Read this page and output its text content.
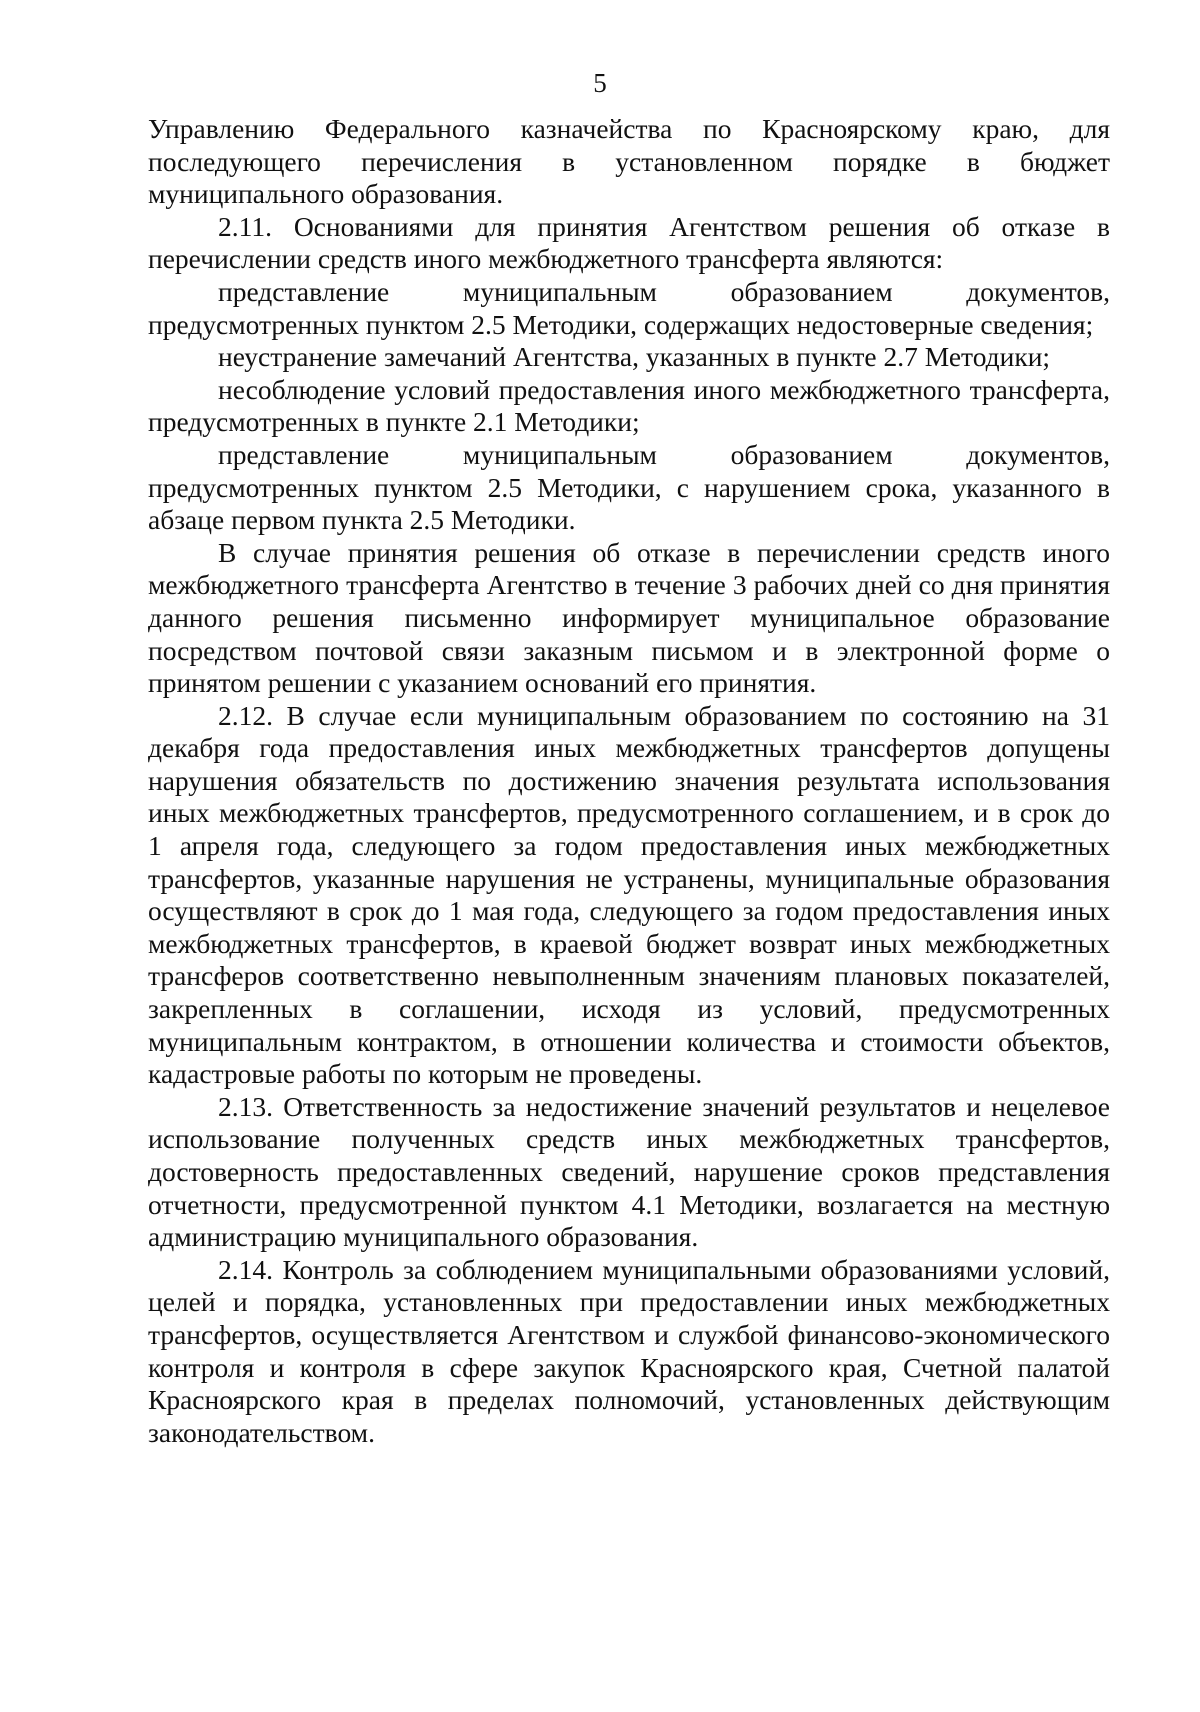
5

Управлению Федерального казначейства по Красноярскому краю, для последующего перечисления в установленном порядке в бюджет муниципального образования.

2.11. Основаниями для принятия Агентством решения об отказе в перечислении средств иного межбюджетного трансферта являются:

представление муниципальным образованием документов, предусмотренных пунктом 2.5 Методики, содержащих недостоверные сведения;

неустранение замечаний Агентства, указанных в пункте 2.7 Методики;

несоблюдение условий предоставления иного межбюджетного трансферта, предусмотренных в пункте 2.1 Методики;

представление муниципальным образованием документов, предусмотренных пунктом 2.5 Методики, с нарушением срока, указанного в абзаце первом пункта 2.5 Методики.

В случае принятия решения об отказе в перечислении средств иного межбюджетного трансферта Агентство в течение 3 рабочих дней со дня принятия данного решения письменно информирует муниципальное образование посредством почтовой связи заказным письмом и в электронной форме о принятом решении с указанием оснований его принятия.

2.12. В случае если муниципальным образованием по состоянию на 31 декабря года предоставления иных межбюджетных трансфертов допущены нарушения обязательств по достижению значения результата использования иных межбюджетных трансфертов, предусмотренного соглашением, и в срок до 1 апреля года, следующего за годом предоставления иных межбюджетных трансфертов, указанные нарушения не устранены, муниципальные образования осуществляют в срок до 1 мая года, следующего за годом предоставления иных межбюджетных трансфертов, в краевой бюджет возврат иных межбюджетных трансферов соответственно невыполненным значениям плановых показателей, закрепленных в соглашении, исходя из условий, предусмотренных муниципальным контрактом, в отношении количества и стоимости объектов, кадастровые работы по которым не проведены.

2.13. Ответственность за недостижение значений результатов и нецелевое использование полученных средств иных межбюджетных трансфертов, достоверность предоставленных сведений, нарушение сроков представления отчетности, предусмотренной пунктом 4.1 Методики, возлагается на местную администрацию муниципального образования.

2.14. Контроль за соблюдением муниципальными образованиями условий, целей и порядка, установленных при предоставлении иных межбюджетных трансфертов, осуществляется Агентством и службой финансово-экономического контроля и контроля в сфере закупок Красноярского края, Счетной палатой Красноярского края в пределах полномочий, установленных действующим законодательством.
